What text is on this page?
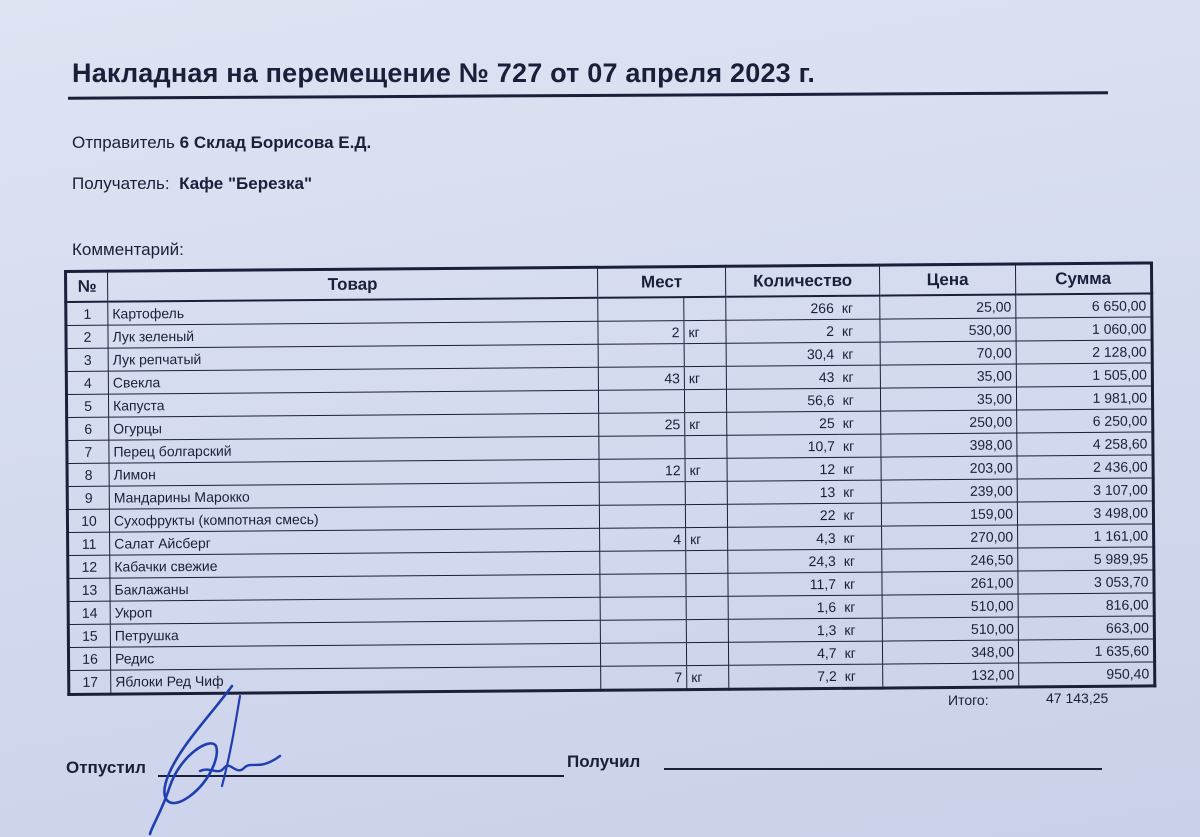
Накладная на перемещение № 727 от 07 апреля 2023 г.
Отправитель 6 Склад Борисова Е.Д.
Получатель: Кафе "Березка"
Комментарий:
№	Товар	Мест		Количество		Цена	Сумма
1	Картофель			266	кг	25,00	6 650,00
2	Лук зеленый	2	кг	2	кг	530,00	1 060,00
3	Лук репчатый			30,4	кг	70,00	2 128,00
4	Свекла	43	кг	43	кг	35,00	1 505,00
5	Капуста			56,6	кг	35,00	1 981,00
6	Огурцы	25	кг	25	кг	250,00	6 250,00
7	Перец болгарский			10,7	кг	398,00	4 258,60
8	Лимон	12	кг	12	кг	203,00	2 436,00
9	Мандарины Марокко			13	кг	239,00	3 107,00
10	Сухофрукты (компотная смесь)			22	кг	159,00	3 498,00
11	Салат Айсберг	4	кг	4,3	кг	270,00	1 161,00
12	Кабачки свежие			24,3	кг	246,50	5 989,95
13	Баклажаны			11,7	кг	261,00	3 053,70
14	Укроп			1,6	кг	510,00	816,00
15	Петрушка			1,3	кг	510,00	663,00
16	Редис			4,7	кг	348,00	1 635,60
17	Яблоки Ред Чиф	7	кг	7,2	кг	132,00	950,40
Итого:	47 143,25
Отпустил	Получил
